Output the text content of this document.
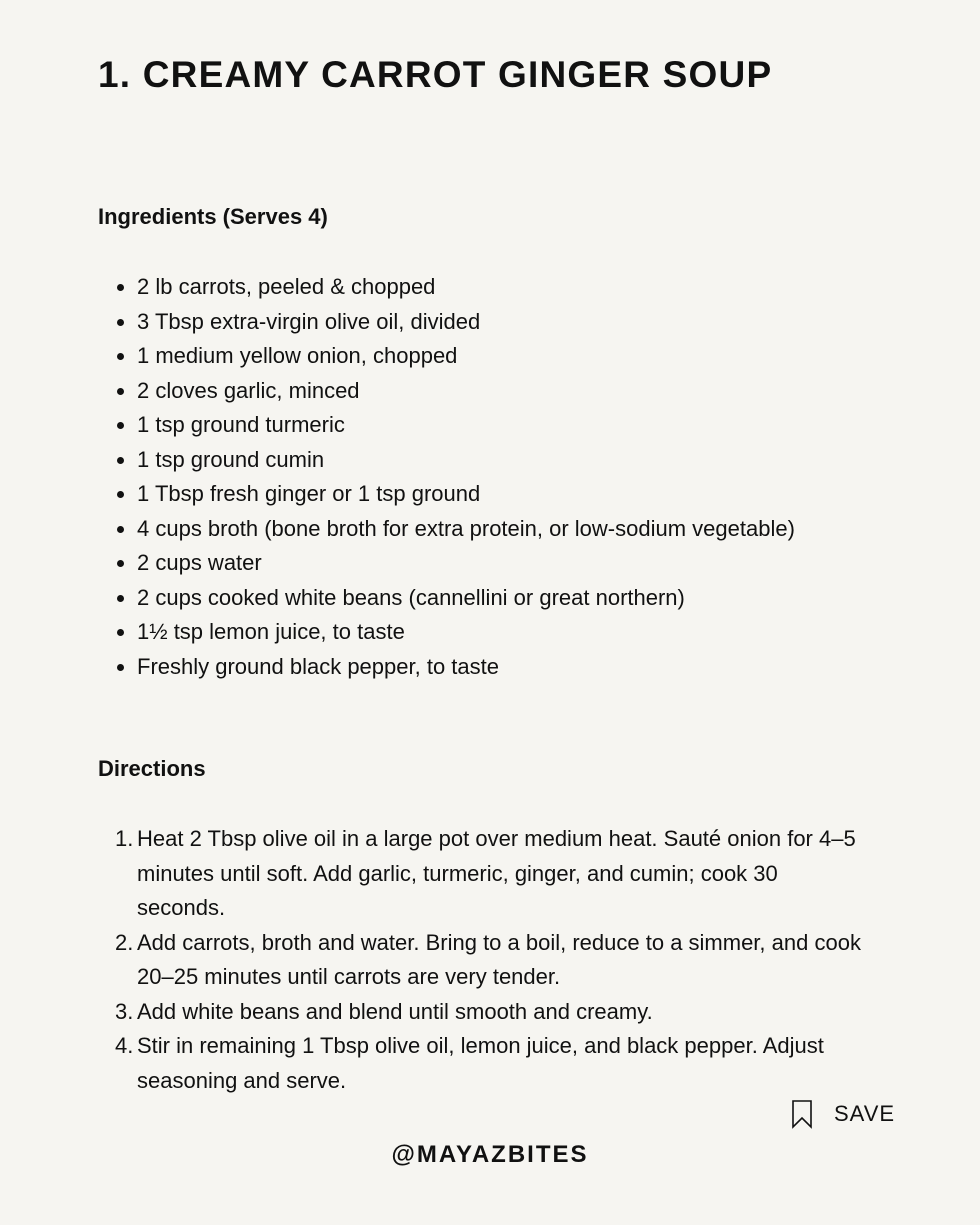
1. CREAMY CARROT GINGER SOUP
Ingredients (Serves 4)
2 lb carrots, peeled & chopped
3 Tbsp extra-virgin olive oil, divided
1 medium yellow onion, chopped
2 cloves garlic, minced
1 tsp ground turmeric
1 tsp ground cumin
1 Tbsp fresh ginger or 1 tsp ground
4 cups broth (bone broth for extra protein, or low-sodium vegetable)
2 cups water
2 cups cooked white beans (cannellini or great northern)
1½ tsp lemon juice, to taste
Freshly ground black pepper, to taste
Directions
1. Heat 2 Tbsp olive oil in a large pot over medium heat. Sauté onion for 4–5 minutes until soft. Add garlic, turmeric, ginger, and cumin; cook 30 seconds.
2. Add carrots, broth and water. Bring to a boil, reduce to a simmer, and cook 20–25 minutes until carrots are very tender.
3. Add white beans and blend until smooth and creamy.
4. Stir in remaining 1 Tbsp olive oil, lemon juice, and black pepper. Adjust seasoning and serve.
SAVE
@MAYAZBITES
